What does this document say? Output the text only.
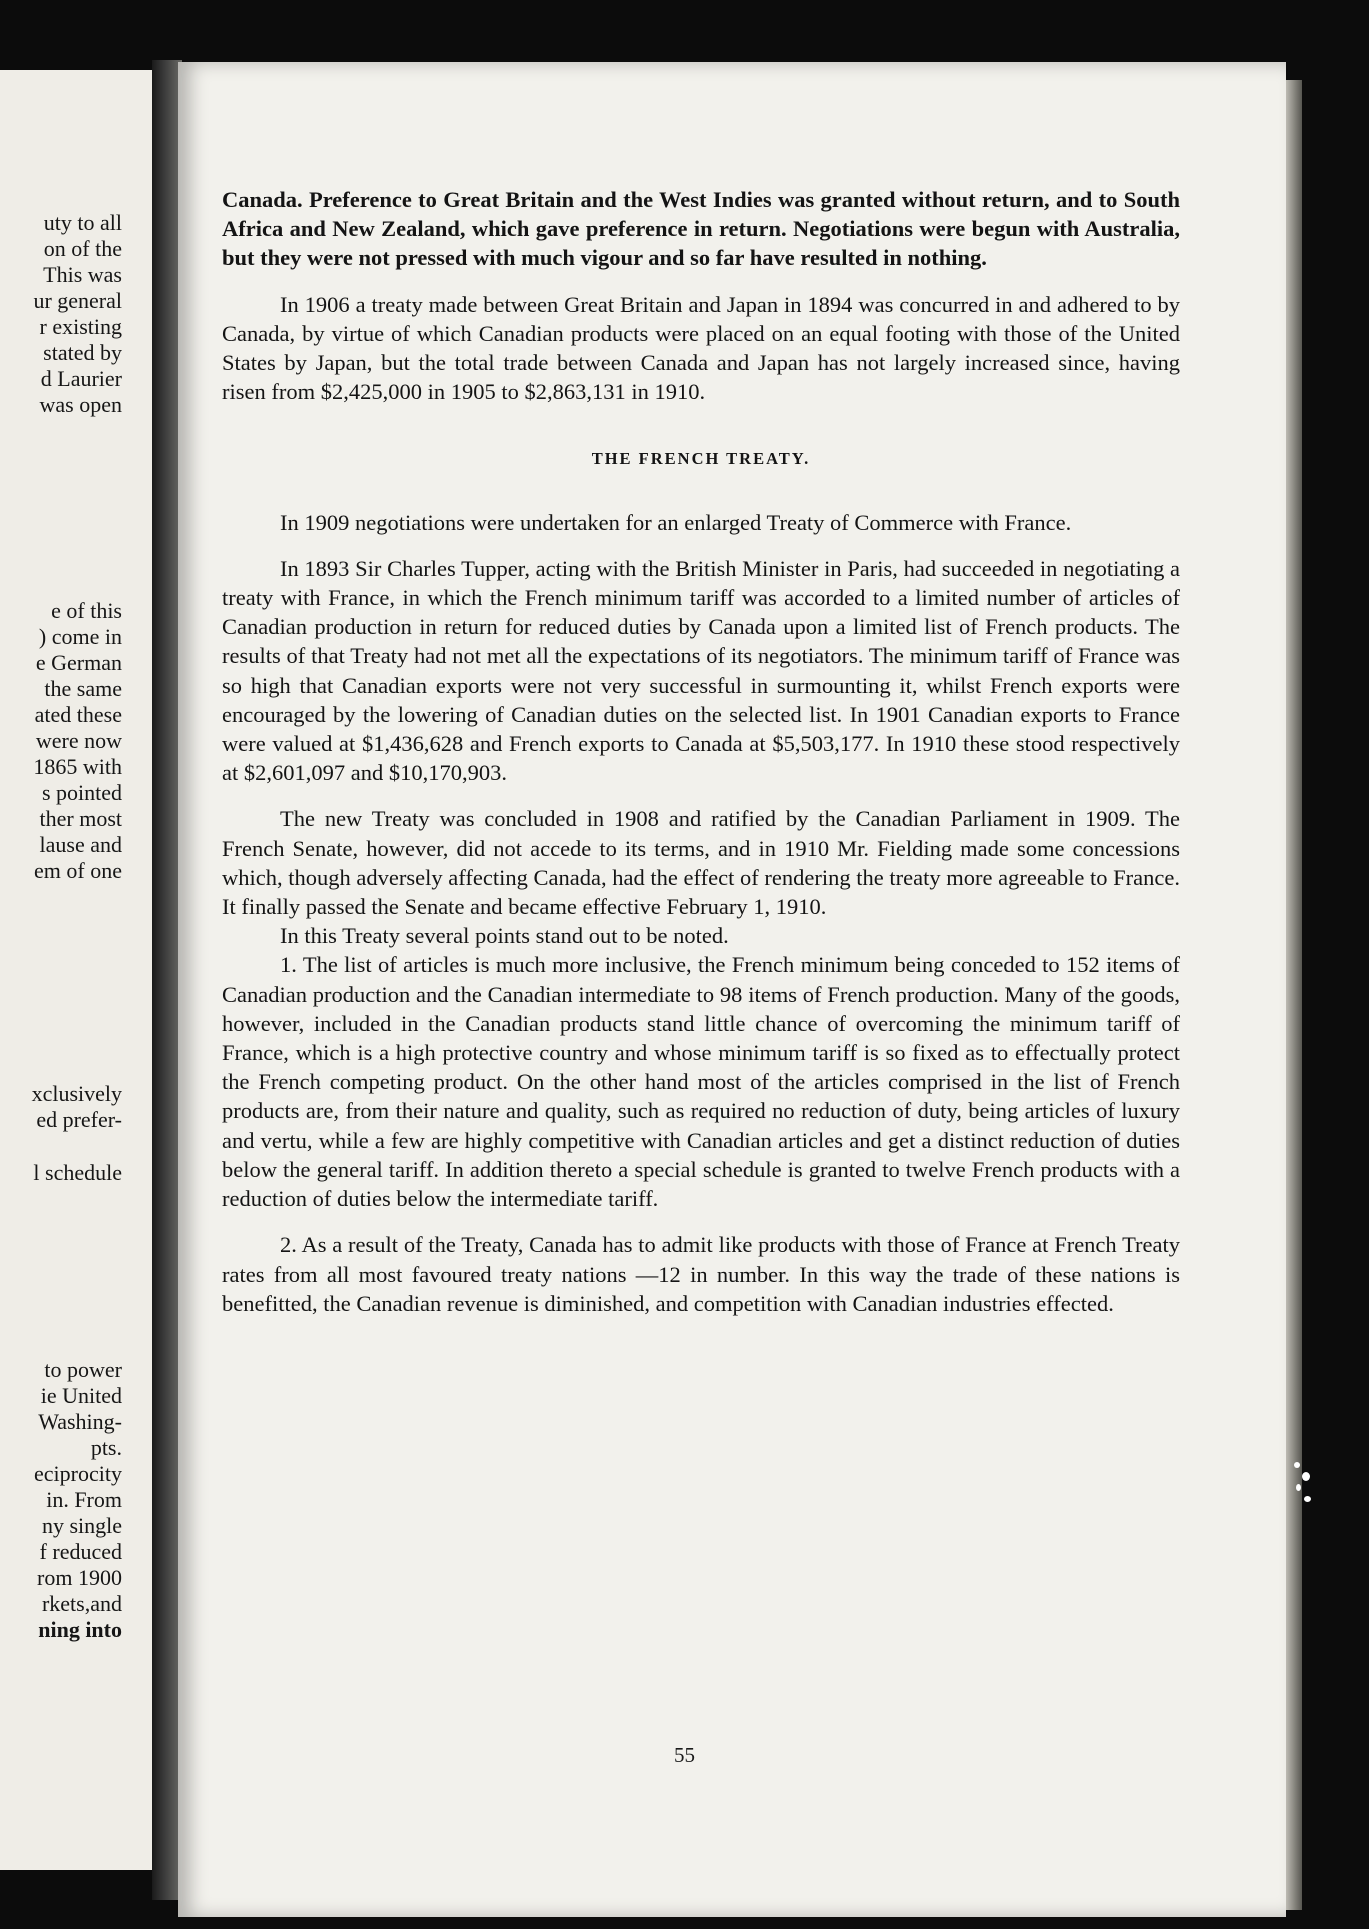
uty to all
on of the
This was
ur general
r existing
stated by
d Laurier
was open
e of this
) come in
e German
the same
ated these
were now
1865 with
s pointed
ther most
lause and
em of one
xclusively
ed prefer-
l schedule
to power
ie United
Washing-
pts.
eciprocity
in. From
ny single
f reduced
rom 1900
rkets,and
ning into

Canada. Preference to Great Britain and the West Indies was granted without return, and to South Africa and New Zealand, which gave preference in return. Negotiations were begun with Australia, but they were not pressed with much vigour and so far have resulted in nothing.

In 1906 a treaty made between Great Britain and Japan in 1894 was concurred in and adhered to by Canada, by virtue of which Canadian products were placed on an equal footing with those of the United States by Japan, but the total trade between Canada and Japan has not largely increased since, having risen from $2,425,000 in 1905 to $2,863,131 in 1910.

THE FRENCH TREATY.

In 1909 negotiations were undertaken for an enlarged Treaty of Commerce with France.

In 1893 Sir Charles Tupper, acting with the British Minister in Paris, had succeeded in negotiating a treaty with France, in which the French minimum tariff was accorded to a limited number of articles of Canadian production in return for reduced duties by Canada upon a limited list of French products. The results of that Treaty had not met all the expectations of its negotiators. The minimum tariff of France was so high that Canadian exports were not very successful in surmounting it, whilst French exports were encouraged by the lowering of Canadian duties on the selected list. In 1901 Canadian exports to France were valued at $1,436,628 and French exports to Canada at $5,503,177. In 1910 these stood respectively at $2,601,097 and $10,170,903.

The new Treaty was concluded in 1908 and ratified by the Canadian Parliament in 1909. The French Senate, however, did not accede to its terms, and in 1910 Mr. Fielding made some concessions which, though adversely affecting Canada, had the effect of rendering the treaty more agreeable to France. It finally passed the Senate and became effective February 1, 1910.

In this Treaty several points stand out to be noted.

1. The list of articles is much more inclusive, the French minimum being conceded to 152 items of Canadian production and the Canadian intermediate to 98 items of French production. Many of the goods, however, included in the Canadian products stand little chance of overcoming the minimum tariff of France, which is a high protective country and whose minimum tariff is so fixed as to effectually protect the French competing product. On the other hand most of the articles comprised in the list of French products are, from their nature and quality, such as required no reduction of duty, being articles of luxury and vertu, while a few are highly competitive with Canadian articles and get a distinct reduction of duties below the general tariff. In addition thereto a special schedule is granted to twelve French products with a reduction of duties below the intermediate tariff.

2. As a result of the Treaty, Canada has to admit like products with those of France at French Treaty rates from all most favoured treaty nations —12 in number. In this way the trade of these nations is benefitted, the Canadian revenue is diminished, and competition with Canadian industries effected.

55
